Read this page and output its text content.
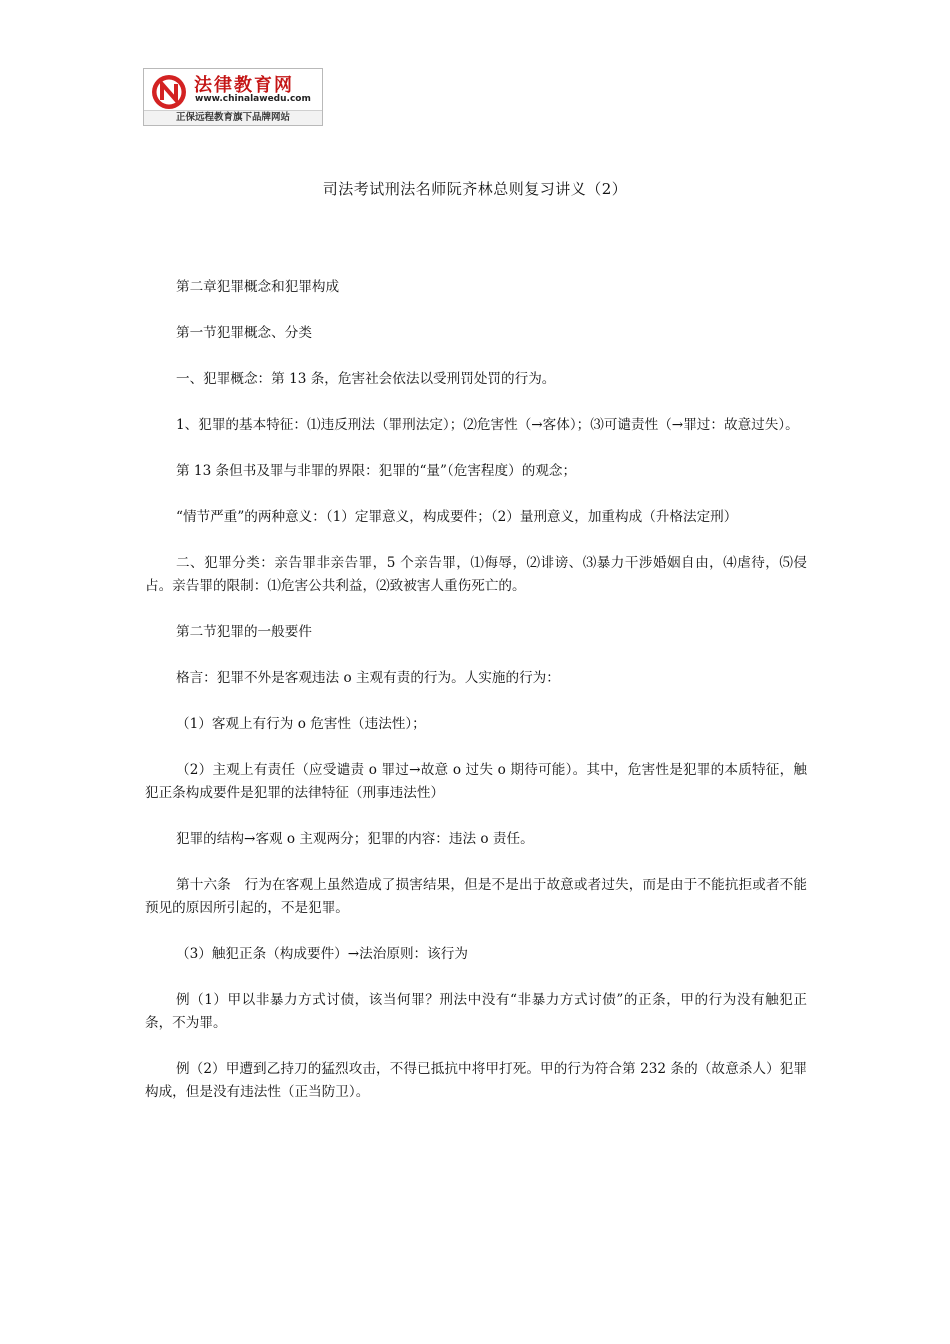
法律教育网
www.chinalawedu.com
正保远程教育旗下品牌网站
司法考试刑法名师阮齐林总则复习讲义（2）

第二章犯罪概念和犯罪构成

第一节犯罪概念、分类

一、犯罪概念：第 13 条，危害社会依法以受刑罚处罚的行为。

1、犯罪的基本特征：⑴违反刑法（罪刑法定）；⑵危害性（→客体）；⑶可谴责性（→罪过：故意过失）。

第 13 条但书及罪与非罪的界限：犯罪的“量”（危害程度）的观念；

“情节严重”的两种意义：（1）定罪意义，构成要件；（2）量刑意义，加重构成（升格法定刑）

二、犯罪分类：亲告罪非亲告罪，5 个亲告罪，⑴侮辱，⑵诽谤、⑶暴力干涉婚姻自由，⑷虐待，⑸侵占。亲告罪的限制：⑴危害公共利益，⑵致被害人重伤死亡的。

第二节犯罪的一般要件

格言：犯罪不外是客观违法 o 主观有责的行为。人实施的行为：

（1）客观上有行为 o 危害性（违法性）；

（2）主观上有责任（应受谴责 o 罪过→故意 o 过失 o 期待可能）。其中，危害性是犯罪的本质特征，触犯正条构成要件是犯罪的法律特征（刑事违法性）

犯罪的结构→客观 o 主观两分；犯罪的内容：违法 o 责任。

第十六条　行为在客观上虽然造成了损害结果，但是不是出于故意或者过失，而是由于不能抗拒或者不能预见的原因所引起的，不是犯罪。

（3）触犯正条（构成要件）→法治原则：该行为

例（1）甲以非暴力方式讨债，该当何罪？刑法中没有“非暴力方式讨债”的正条，甲的行为没有触犯正条，不为罪。

例（2）甲遭到乙持刀的猛烈攻击，不得已抵抗中将甲打死。甲的行为符合第 232 条的（故意杀人）犯罪构成，但是没有违法性（正当防卫）。
